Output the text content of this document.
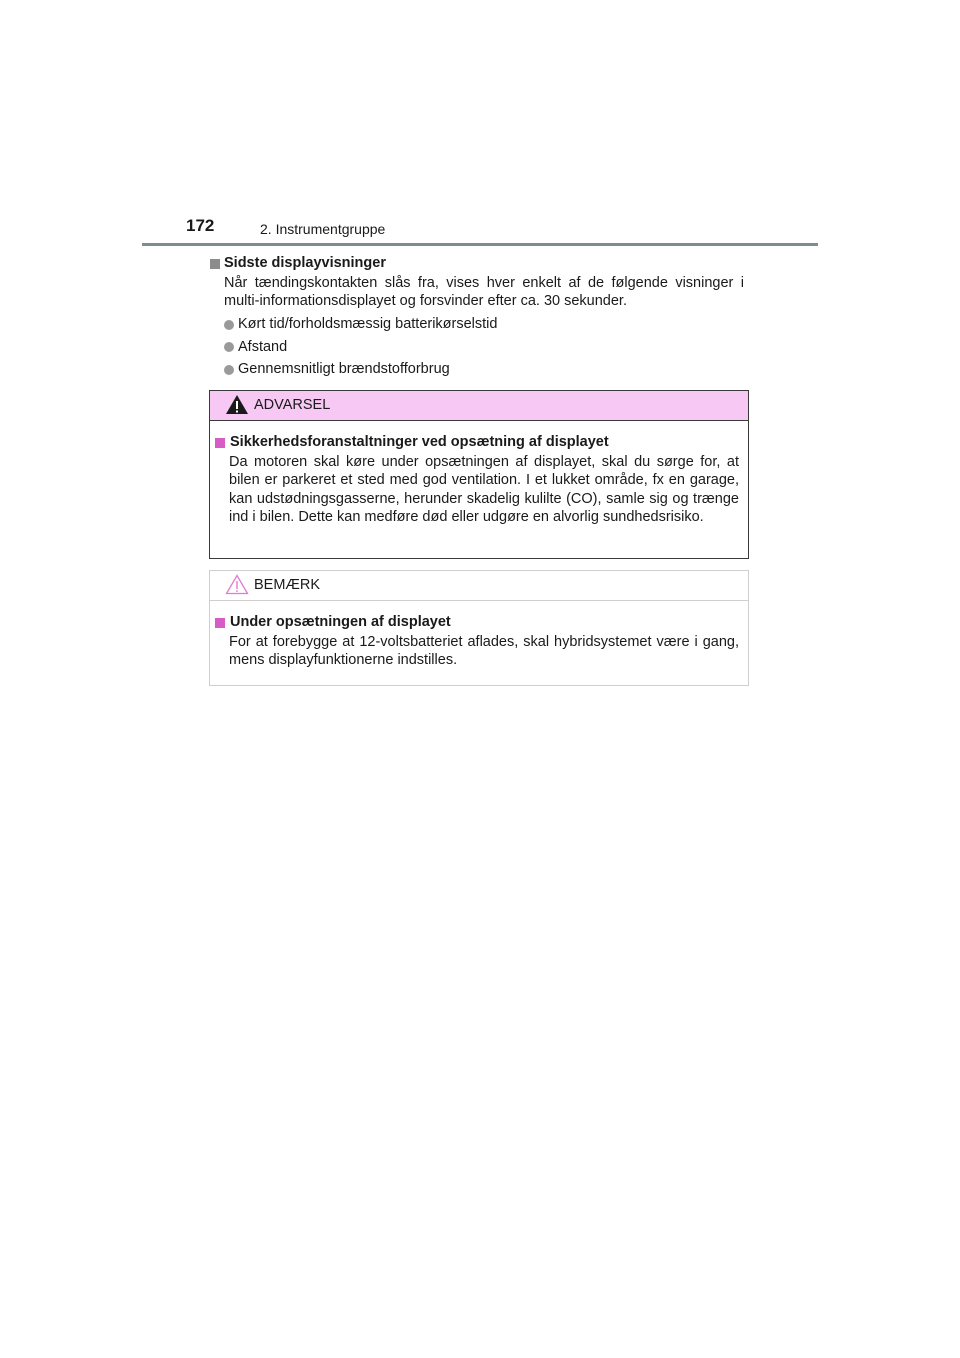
172	2. Instrumentgruppe
Sidste displayvisninger

Når tændingskontakten slås fra, vises hver enkelt af de følgende visninger i multi-informationsdisplayet og forsvinder efter ca. 30 sekunder.

Kørt tid/forholdsmæssig batterikørselstid
Afstand
Gennemsnitligt brændstofforbrug
ADVARSEL
Sikkerhedsforanstaltninger ved opsætning af displayet

Da motoren skal køre under opsætningen af displayet, skal du sørge for, at bilen er parkeret et sted med god ventilation. I et lukket område, fx en garage, kan udstødningsgasserne, herunder skadelig kulilte (CO), samle sig og trænge ind i bilen. Dette kan medføre død eller udgøre en alvorlig sundhedsrisiko.

BEMÆRK
Under opsætningen af displayet

For at forebygge at 12-voltsbatteriet aflades, skal hybridsystemet være i gang, mens displayfunktionerne indstilles.
